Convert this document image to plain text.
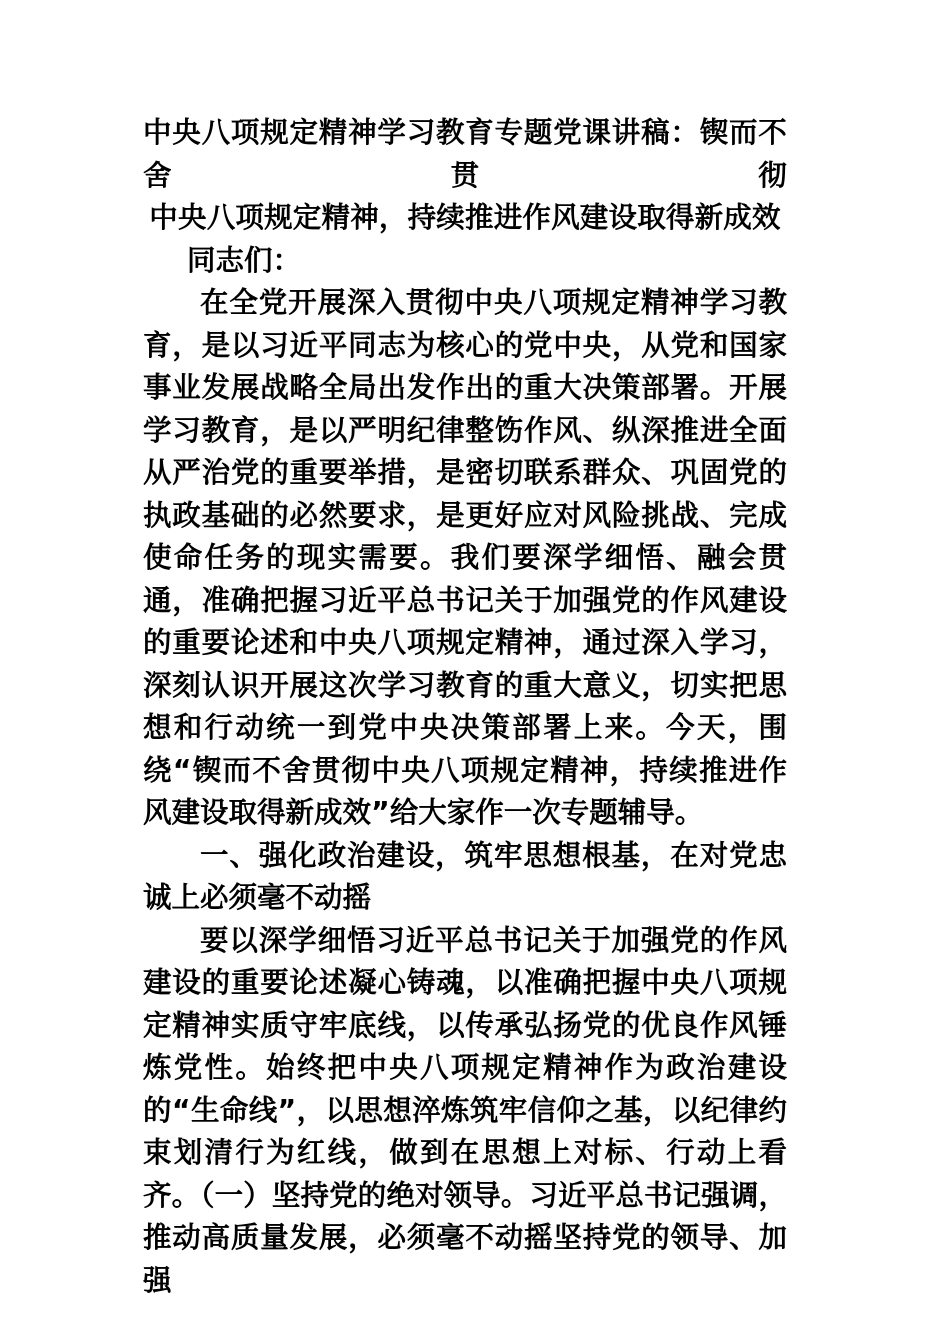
中央八项规定精神学习教育专题党课讲稿：锲而不舍贯彻
中央八项规定精神，持续推进作风建设取得新成效

同志们：

在全党开展深入贯彻中央八项规定精神学习教育，是以习近平同志为核心的党中央，从党和国家事业发展战略全局出发作出的重大决策部署。开展学习教育，是以严明纪律整饬作风、纵深推进全面从严治党的重要举措，是密切联系群众、巩固党的执政基础的必然要求，是更好应对风险挑战、完成使命任务的现实需要。我们要深学细悟、融会贯通，准确把握习近平总书记关于加强党的作风建设的重要论述和中央八项规定精神，通过深入学习，深刻认识开展这次学习教育的重大意义，切实把思想和行动统一到党中央决策部署上来。今天，围绕“锲而不舍贯彻中央八项规定精神，持续推进作风建设取得新成效”给大家作一次专题辅导。

一、强化政治建设，筑牢思想根基，在对党忠诚上必须毫不动摇

要以深学细悟习近平总书记关于加强党的作风建设的重要论述凝心铸魂，以准确把握中央八项规定精神实质守牢底线，以传承弘扬党的优良作风锤炼党性。始终把中央八项规定精神作为政治建设的“生命线”，以思想淬炼筑牢信仰之基，以纪律约束划清行为红线，做到在思想上对标、行动上看齐。（一）坚持党的绝对领导。习近平总书记强调，推动高质量发展，必须毫不动摇坚持党的领导、加强
